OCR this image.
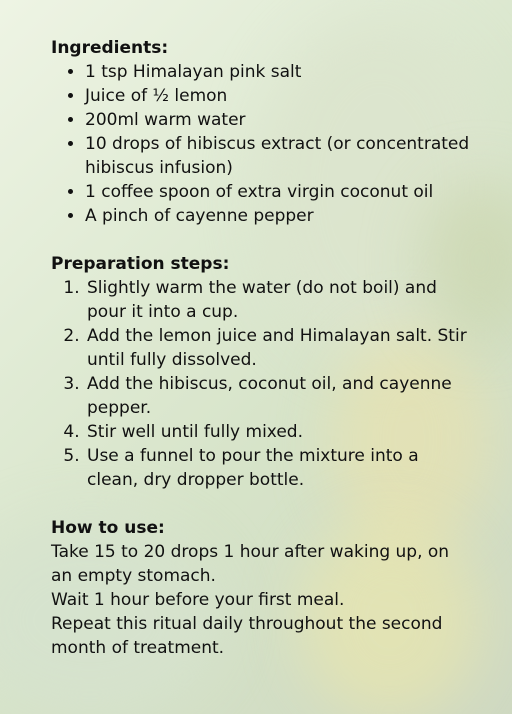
Ingredients:
• 1 tsp Himalayan pink salt
• Juice of ½ lemon
• 200ml warm water
• 10 drops of hibiscus extract (or concentrated hibiscus infusion)
• 1 coffee spoon of extra virgin coconut oil
• A pinch of cayenne pepper
Preparation steps:
1. Slightly warm the water (do not boil) and pour it into a cup.
2. Add the lemon juice and Himalayan salt. Stir until fully dissolved.
3. Add the hibiscus, coconut oil, and cayenne pepper.
4. Stir well until fully mixed.
5. Use a funnel to pour the mixture into a clean, dry dropper bottle.
How to use:

Take 15 to 20 drops 1 hour after waking up, on an empty stomach.

Wait 1 hour before your first meal.

Repeat this ritual daily throughout the second month of treatment.
